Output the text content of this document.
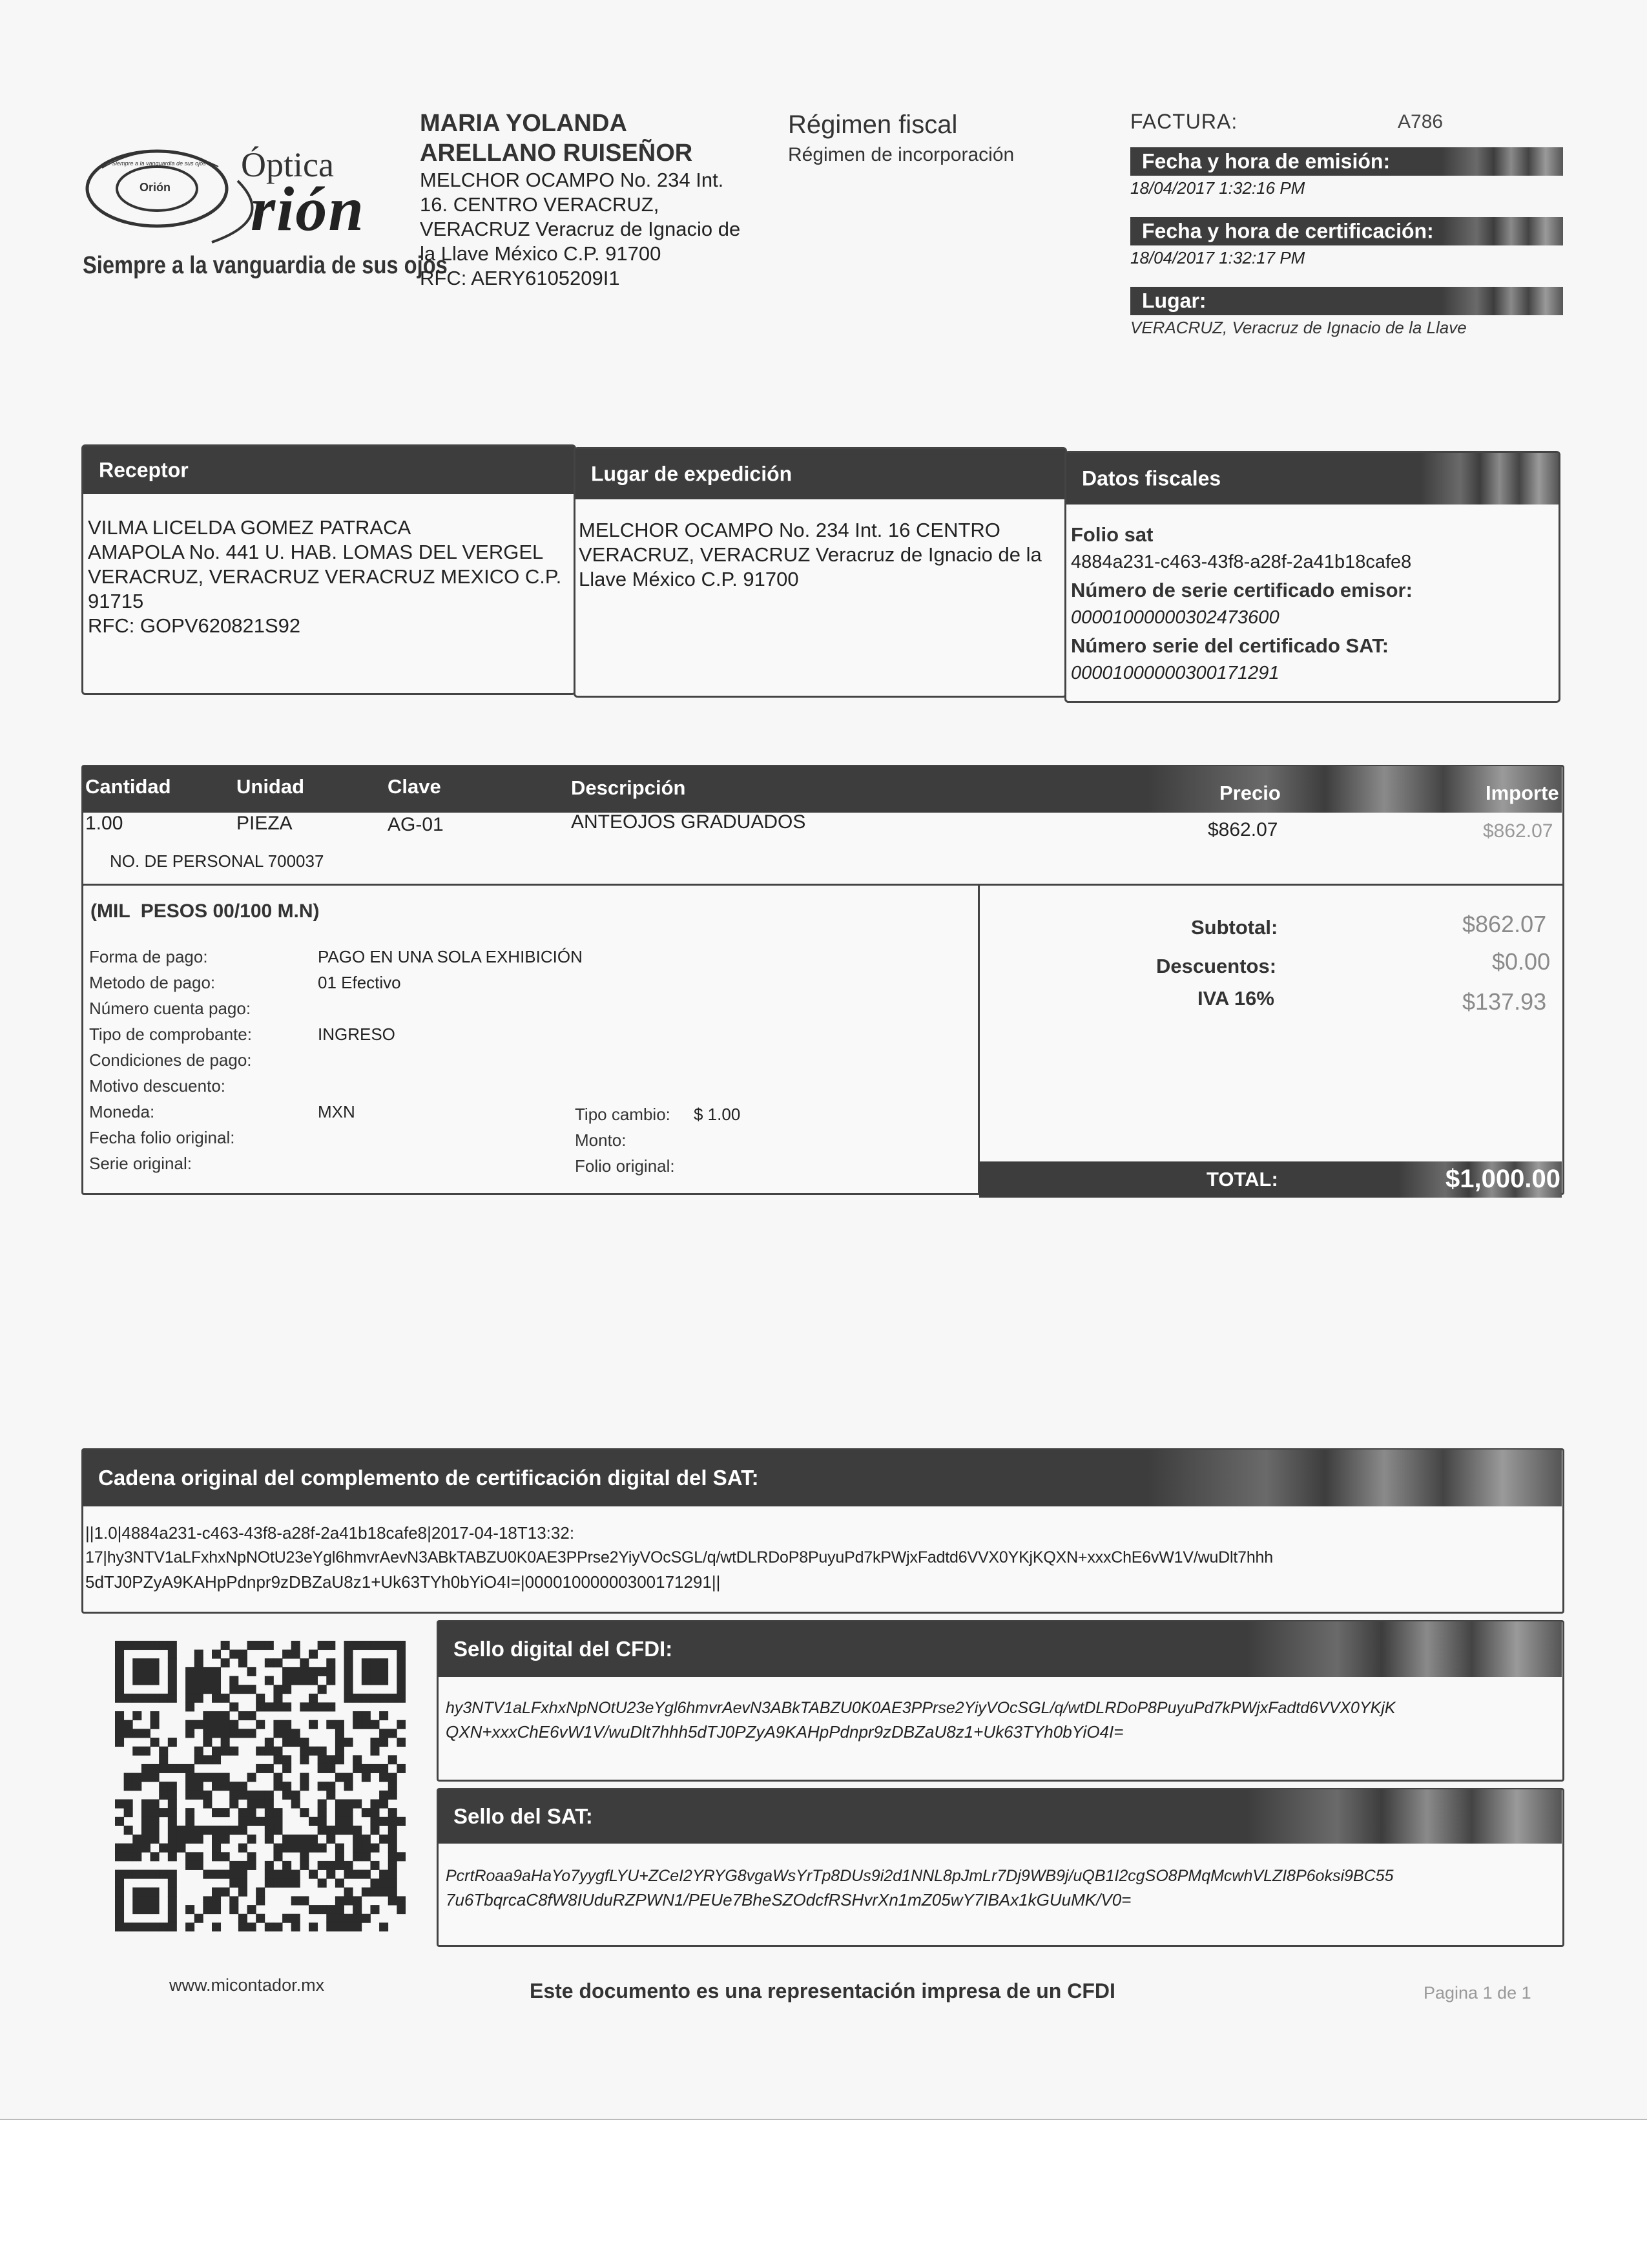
Siempre a la vanguardia de sus ojos
Orión
Óptica
rión
Siempre a la vanguardia de sus ojos
MARIA YOLANDA
ARELLANO RUISEÑOR
MELCHOR OCAMPO No. 234 Int.
16. CENTRO VERACRUZ,
VERACRUZ Veracruz de Ignacio de
la Llave México C.P. 91700
RFC: AERY6105209I1
Régimen fiscal
Régimen de incorporación
FACTURA:	A786
Fecha y hora de emisión:
18/04/2017 1:32:16 PM
Fecha y hora de certificación:
18/04/2017 1:32:17 PM
Lugar:
VERACRUZ, Veracruz de Ignacio de la Llave
Receptor
VILMA LICELDA GOMEZ PATRACA
AMAPOLA No. 441 U. HAB. LOMAS DEL VERGEL
VERACRUZ, VERACRUZ VERACRUZ MEXICO C.P.
91715
RFC: GOPV620821S92
Lugar de expedición
MELCHOR OCAMPO No. 234 Int. 16 CENTRO
VERACRUZ, VERACRUZ Veracruz de Ignacio de la
Llave México C.P. 91700
Datos fiscales
Folio sat
4884a231-c463-43f8-a28f-2a41b18cafe8
Número de serie certificado emisor:
00001000000302473600
Número serie del certificado SAT:
00001000000300171291
Cantidad	Unidad	Clave	Descripción	Precio	Importe
1.00	PIEZA	AG-01	ANTEOJOS GRADUADOS	$862.07	$862.07
NO. DE PERSONAL 700037
(MIL  PESOS 00/100 M.N)
Forma de pago:	PAGO EN UNA SOLA EXHIBICIÓN
Metodo de pago:	01 Efectivo
Número cuenta pago:
Tipo de comprobante:	INGRESO
Condiciones de pago:
Motivo descuento:
Moneda:	MXN
Fecha folio original:
Serie original:
Tipo cambio: $ 1.00
Monto:
Folio original:
Subtotal:	$862.07
Descuentos:	$0.00
IVA 16%	$137.93
TOTAL:	$1,000.00
Cadena original del complemento de certificación digital del SAT:
||1.0|4884a231-c463-43f8-a28f-2a41b18cafe8|2017-04-18T13:32:
17|hy3NTV1aLFxhxNpNOtU23eYgl6hmvrAevN3ABkTABZU0K0AE3PPrse2YiyVOcSGL/q/wtDLRDoP8PuyuPd7kPWjxFadtd6VVX0YKjKQXN+xxxChE6vW1V/wuDlt7hhh
5dTJ0PZyA9KAHpPdnpr9zDBZaU8z1+Uk63TYh0bYiO4I=|00001000000300171291||
Sello digital del CFDI:
hy3NTV1aLFxhxNpNOtU23eYgl6hmvrAevN3ABkTABZU0K0AE3PPrse2YiyVOcSGL/q/wtDLRDoP8PuyuPd7kPWjxFadtd6VVX0YKjK
QXN+xxxChE6vW1V/wuDlt7hhh5dTJ0PZyA9KAHpPdnpr9zDBZaU8z1+Uk63TYh0bYiO4I=
Sello del SAT:
PcrtRoaa9aHaYo7yygfLYU+ZCeI2YRYG8vgaWsYrTp8DUs9i2d1NNL8pJmLr7Dj9WB9j/uQB1I2cgSO8PMqMcwhVLZI8P6oksi9BC55
7u6TbqrcaC8fW8IUduRZPWN1/PEUe7BheSZOdcfRSHvrXn1mZ05wY7IBAx1kGUuMK/V0=
www.micontador.mx	Este documento es una representación impresa de un CFDI	Pagina 1 de 1
